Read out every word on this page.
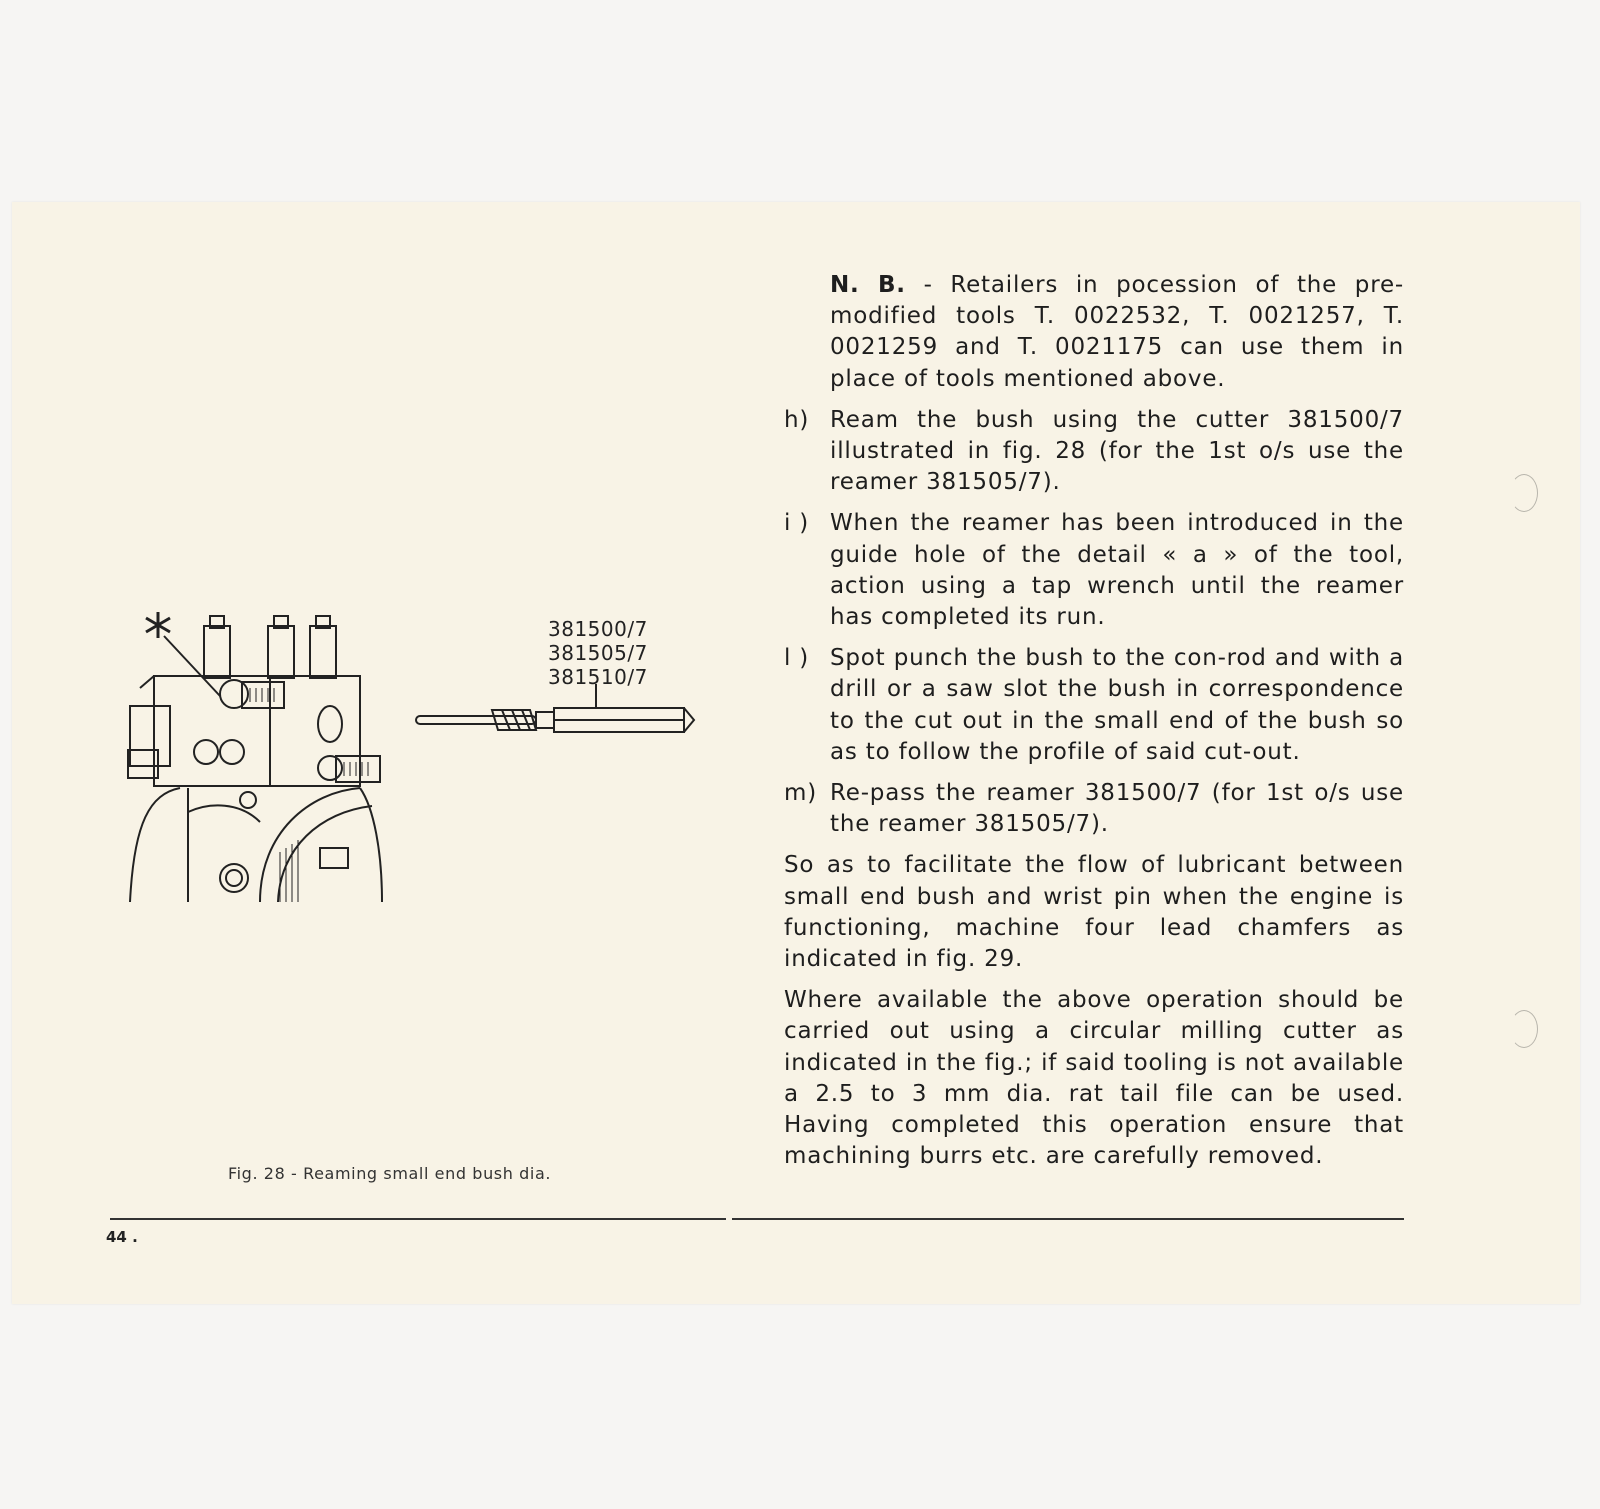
381500/7
381505/7
381510/7
Fig. 28 - Reaming small end bush dia.

N. B. - Retailers in pocession of the pre-modified tools T. 0022532, T. 0021257, T. 0021259 and T. 0021175 can use them in place of tools mentioned above.

h) Ream the bush using the cutter 381500/7 illustrated in fig. 28 (for the 1st o/s use the reamer 381505/7).
i ) When the reamer has been introduced in the guide hole of the detail « a » of the tool, action using a tap wrench until the reamer has completed its run.
l ) Spot punch the bush to the con-rod and with a drill or a saw slot the bush in correspondence to the cut out in the small end of the bush so as to follow the profile of said cut-out.
m) Re-pass the reamer 381500/7 (for 1st o/s use the reamer 381505/7).

So as to facilitate the flow of lubricant between small end bush and wrist pin when the engine is functioning, machine four lead chamfers as indicated in fig. 29.

Where available the above operation should be carried out using a circular milling cutter as indicated in the fig.; if said tooling is not available a 2.5 to 3 mm dia. rat tail file can be used. Having completed this operation ensure that machining burrs etc. are carefully removed.

44 .
